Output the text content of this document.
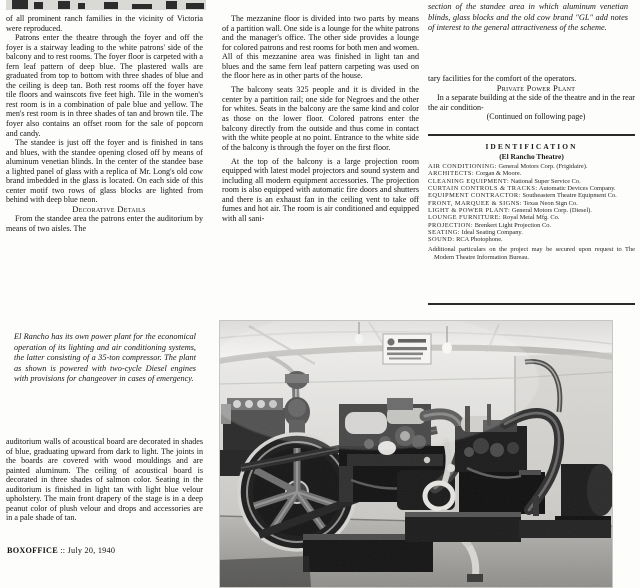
of all prominent ranch families in the vicinity of Victoria were reproduced.

Patrons enter the theatre through the foyer and off the foyer is a stairway leading to the white patrons' side of the balcony and to rest rooms. The foyer floor is carpeted with a fern leaf pattern of deep blue. The plastered walls are graduated from top to bottom with three shades of blue and the ceiling is deep tan. Both rest rooms off the foyer have tile floors and wainscots five feet high. Tile in the women's rest room is in a combination of pale blue and yellow. The men's rest room is in three shades of tan and brown tile. The foyer also contains an offset room for the sale of popcorn and candy.

The standee is just off the foyer and is finished in tans and blues, with the standee opening closed off by means of aluminum venetian blinds. In the center of the standee base a lighted panel of glass with a replica of Mr. Long's old cow brand imbedded in the glass is located. On each side of this center motif two rows of glass blocks are lighted from behind with deep blue neon.

Decorative Details

From the standee area the patrons enter the auditorium by means of two aisles. The

El Rancho has its own power plant for the economical operation of its lighting and air conditioning systems, the latter consisting of a 35-ton compressor. The plant as shown is powered with two-cycle Diesel engines with provisions for changeover in cases of emergency.

auditorium walls of acoustical board are decorated in shades of blue, graduating upward from dark to light. The joints in the boards are covered with wood mouldings and are painted aluminum. The ceiling of acoustical board is decorated in three shades of salmon color. Seating in the auditorium is finished in light tan with light blue velour upholstery. The main front drapery of the stage is in a deep peanut color of plush velour and drops and accessories are in a pale shade of tan.

The mezzanine floor is divided into two parts by means of a partition wall. One side is a lounge for the white patrons and the manager's office. The other side provides a lounge for colored patrons and rest rooms for both men and women. All of this mezzanine area was finished in light tan and blues and the same fern leaf pattern carpeting was used on the floor here as in other parts of the house.

The balcony seats 325 people and it is divided in the center by a partition rail; one side for Negroes and the other for whites. Seats in the balcony are the same kind and color as those on the lower floor. Colored patrons enter the balcony directly from the outside and thus come in contact with the white people at no point. Entrance to the white side of the balcony is through the foyer on the first floor.

At the top of the balcony is a large projection room equipped with latest model projectors and sound system and including all modern equipment accessories. The projection room is also equipped with automatic fire doors and shutters and there is an exhaust fan in the ceiling vent to take off fumes and hot air. The room is air conditioned and equipped with all sani-

section of the standee area in which aluminum venetian blinds, glass blocks and the old cow brand "GL" add notes of interest to the general attractiveness of the scheme.

tary facilities for the comfort of the operators.

Private Power Plant

In a separate building at the side of the theatre and in the rear the air condition-

(Continued on following page)

IDENTIFICATION
(El Rancho Theatre)
AIR CONDITIONING: General Motors Corp. (Frigidaire).
ARCHITECTS: Corgan & Moore.
CLEANING EQUIPMENT: National Super Service Co.
CURTAIN CONTROLS & TRACKS: Automatic Devices Company.
EQUIPMENT CONTRACTOR: Southeastern Theatre Equipment Co.
FRONT, MARQUEE & SIGNS: Texas Neon Sign Co.
LIGHT & POWER PLANT: General Motors Corp. (Diesel).
LOUNGE FURNITURE: Royal Metal Mfg. Co.
PROJECTION: Brenkert Light Projection Co.
SEATING: Ideal Seating Company.
SOUND: RCA Photophone.
Additional particulars on the project may be secured upon request to The Modern Theatre Information Bureau.
BOXOFFICE :: July 20, 1940
